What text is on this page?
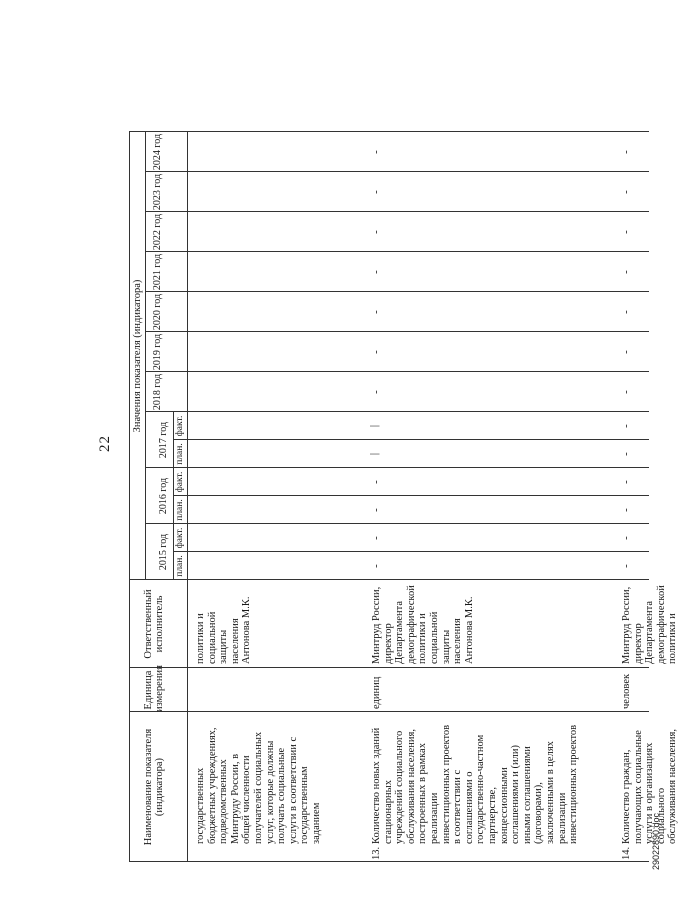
22
Наименование показателя (индикатора)
Единица измерения
Ответственный исполнитель
Значения показателя (индикатора)
2015 год
2016 год
2017 год
2018 год
2019 год
2020 год
2021 год
2022 год
2023 год
2024 год
план.
факт.
план.
факт.
план.
факт.
государственных
бюджетных учреждениях,
подведомственных
Минтруду России, в
общей численности
получателей социальных
услуг, которые должны
получать социальные
услуги в соответствии с
государственным
заданием
политики и
социальной защиты
населения
Антонова М.К.
13.
Количество новых зданий
стационарных
учреждений социального
обслуживания населения,
построенных в рамках
реализации
инвестиционных проектов
в соответствии с
соглашениями о
государственно-частном
партнерстве,
концессионными
соглашениями и (или)
иными соглашениями
(договорами),
заключенными в целях
реализации
инвестиционных проектов
единиц
Минтруд России,
директор
Департамента
демографической
политики и
социальной защиты
населения
Антонова М.К.
-
-
-
-
|
|
-
-
-
-
-
-
-
14.
Количество граждан,
получающих социальные
услуги в организациях
социального
обслуживания населения,
человек
Минтруд России,
директор
Департамента
демографической
политики и
-
-
-
-
-
-
-
-
-
-
-
-
-
29022890.doc
